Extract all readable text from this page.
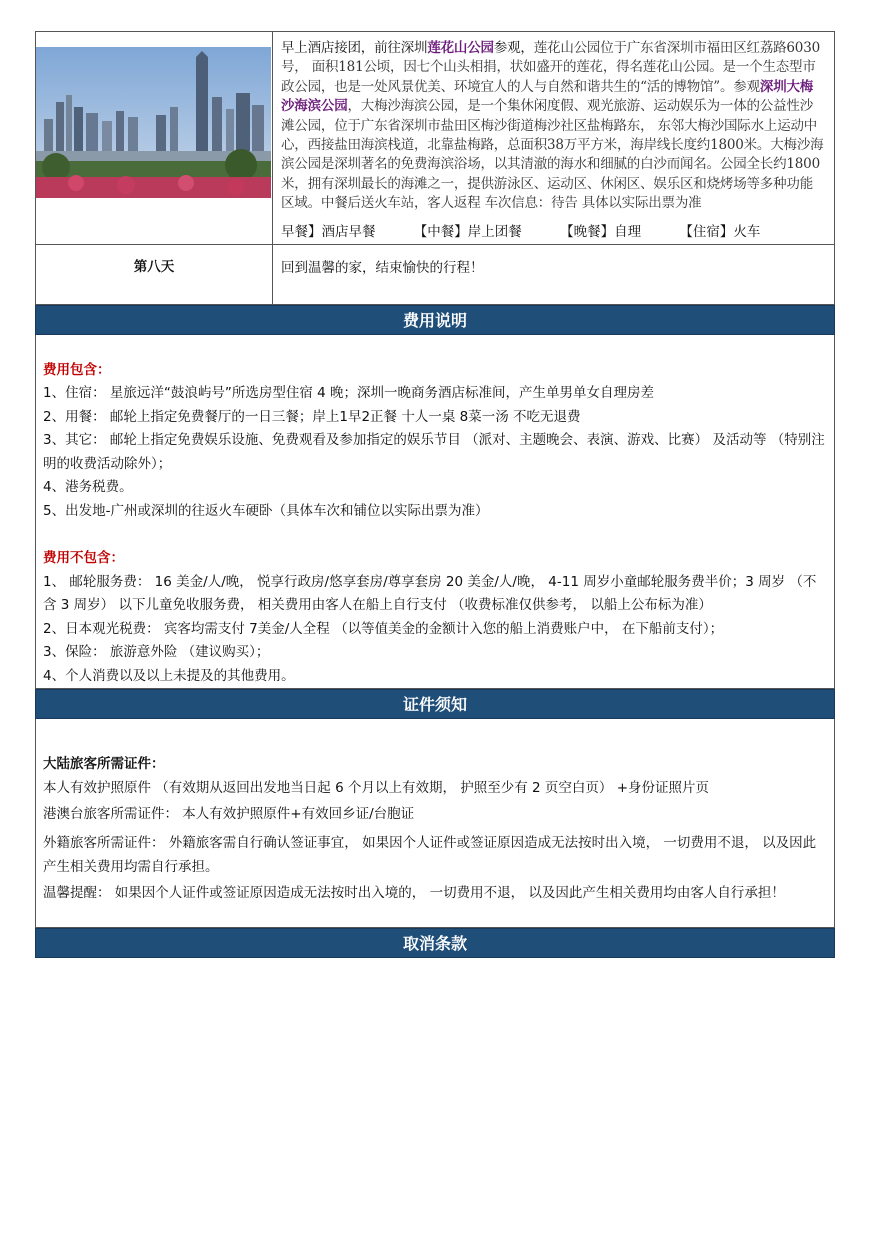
早上酒店接团，前往深圳莲花山公园参观，莲花山公园位于广东省深圳市福田区红荔路6030号， 面积181公顷，因七个山头相捐，状如盛开的莲花，得名莲花山公园。是一个生态型市政公园，也是一处风景优美、环境宜人的人与自然和谐共生的“活的博物馆”。参观深圳大梅沙海滨公园，大梅沙海滨公园，是一个集休闲度假、观光旅游、运动娱乐为一体的公益性沙滩公园，位于广东省深圳市盐田区梅沙街道梅沙社区盐梅路东， 东邻大梅沙国际水上运动中心，西接盐田海滨栈道，北靠盐梅路，总面积38万平方米，海岸线长度约1800米。大梅沙海滨公园是深圳著名的免费海滨浴场，以其清澈的海水和细腻的白沙而闻名。公园全长约1800米，拥有深圳最长的海滩之一，提供游泳区、运动区、休闲区、娱乐区和烧烤场等多种功能区域。中餐后送火车站，客人返程 车次信息：待告 具体以实际出票为准
早餐】酒店早餐 【中餐】岸上团餐 【晚餐】自理 【住宿】火车

第八天	回到温馨的家，结束愉快的行程！
费用说明

费用包含：

1、住宿： 星旅远洋“鼓浪屿号”所选房型住宿 4 晚；深圳一晚商务酒店标准间，产生单男单女自理房差

2、用餐： 邮轮上指定免费餐厅的一日三餐；岸上1早2正餐 十人一桌 8菜一汤 不吃无退费

3、其它： 邮轮上指定免费娱乐设施、免费观看及参加指定的娱乐节目 （派对、主题晚会、表演、游戏、比赛） 及活动等 （特别注明的收费活动除外）；

4、港务税费。

5、出发地-广州或深圳的往返火车硬卧（具体车次和铺位以实际出票为准）

费用不包含：

1、 邮轮服务费： 16 美金/人/晚， 悦享行政房/悠享套房/尊享套房 20 美金/人/晚， 4-11 周岁小童邮轮服务费半价；3 周岁 （不含 3 周岁） 以下儿童免收服务费， 相关费用由客人在船上自行支付 （收费标准仅供参考， 以船上公布标为准）

2、日本观光税费： 宾客均需支付 7美金/人全程 （以等值美金的金额计入您的船上消费账户中， 在下船前支付）；

3、保险： 旅游意外险 （建议购买）；

4、个人消费以及以上未提及的其他费用。

证件须知

大陆旅客所需证件：

本人有效护照原件 （有效期从返回出发地当日起 6 个月以上有效期， 护照至少有 2 页空白页） +身份证照片页

港澳台旅客所需证件： 本人有效护照原件+有效回乡证/台胞证

外籍旅客所需证件： 外籍旅客需自行确认签证事宜， 如果因个人证件或签证原因造成无法按时出入境， 一切费用不退， 以及因此产生相关费用均需自行承担。

温馨提醒： 如果因个人证件或签证原因造成无法按时出入境的， 一切费用不退， 以及因此产生相关费用均由客人自行承担！

取消条款
